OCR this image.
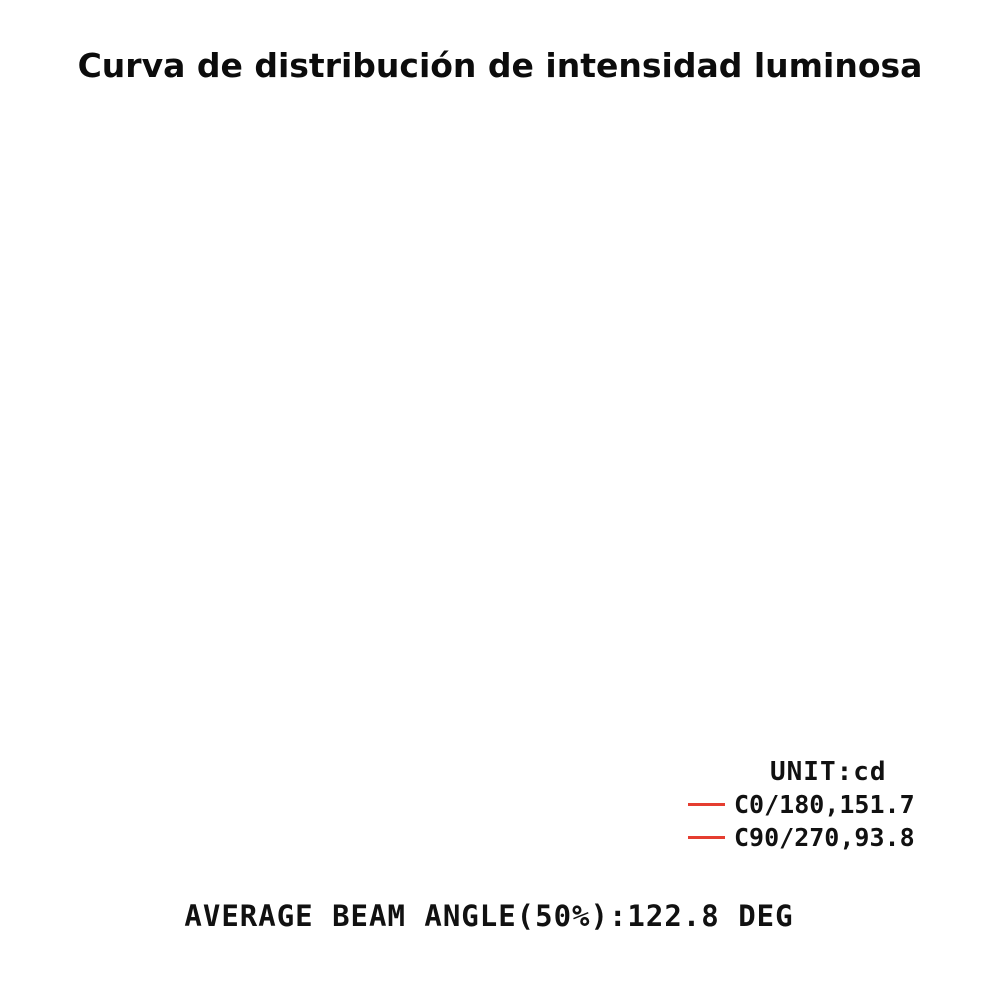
Curva de distribución de intensidad luminosa
UNIT:cd
C0/180,151.7
C90/270,93.8
AVERAGE BEAM ANGLE(50%):122.8 DEG
